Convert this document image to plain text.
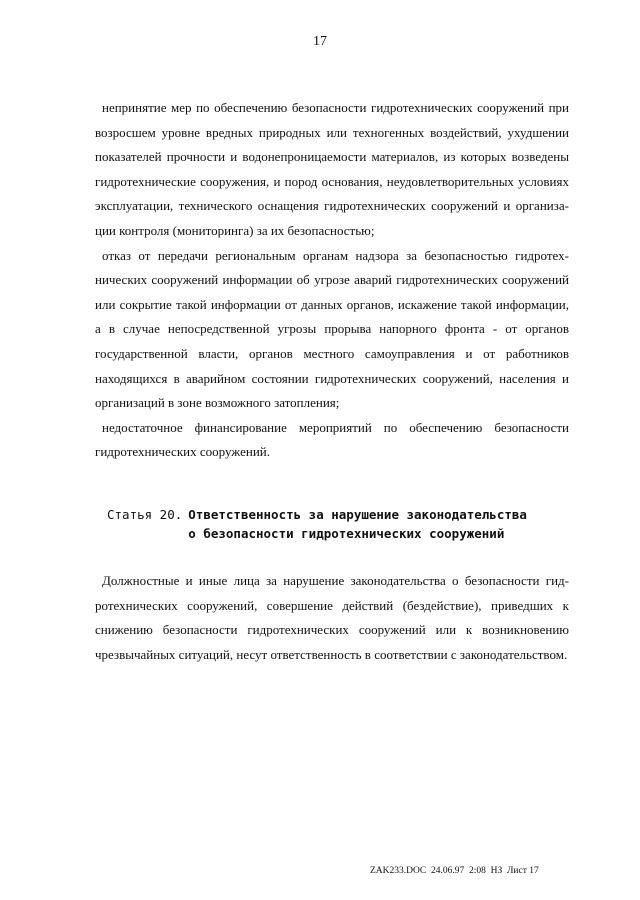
17

непринятие мер по обеспечению безопасности гидротехнических сооружений при возросшем уровне вредных природных или техногенных воздействий, ухудшении показателей прочности и водонепроницаемости материалов, из которых возведены гидротехнические сооружения, и пород основания, неудовлетворительных условиях эксплуатации, технического оснащения гидротехнических сооружений и организации контроля (мониторинга) за их безопасностью;

отказ от передачи региональным органам надзора за безопасностью гидротехнических сооружений информации об угрозе аварий гидротехнических сооружений или сокрытие такой информации от данных органов, искажение такой информации, а в случае непосредственной угрозы прорыва напорного фронта - от органов государственной власти, органов местного самоуправления и от работников находящихся в аварийном состоянии гидротехнических сооружений, населения и организаций в зоне возможного затопления;

недостаточное финансирование мероприятий по обеспечению безопасности гидротехнических сооружений.

Статья 20. Ответственность за нарушение законодательства
о безопасности гидротехнических сооружений

Должностные и иные лица за нарушение законодательства о безопасности гидротехнических сооружений, совершение действий (бездействие), приведших к снижению безопасности гидротехнических сооружений или к возникновению чрезвычайных ситуаций, несут ответственность в соответствии с законодательством.

ZAK233.DOC  24.06.97  2:08  НЗ  Лист 17
